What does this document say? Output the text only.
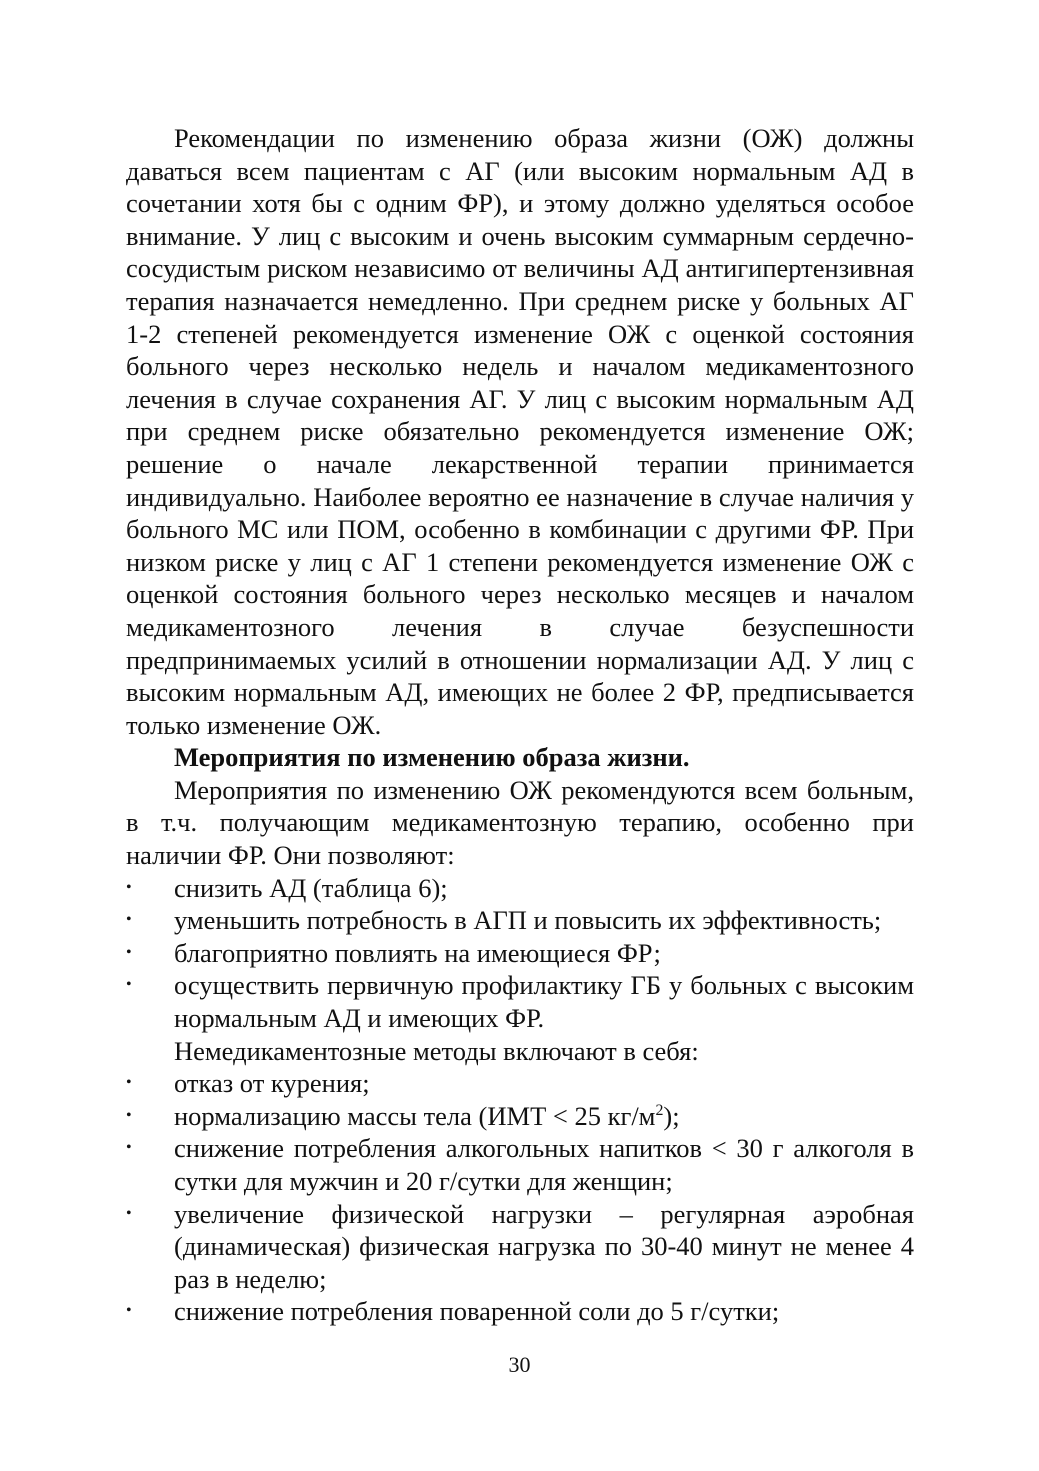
Рекомендации по изменению образа жизни (ОЖ) должны даваться всем пациентам с АГ (или высоким нормальным АД в сочетании хотя бы с одним ФР), и этому должно уделяться особое внимание. У лиц с высоким и очень высоким суммарным сердечно-сосудистым риском независимо от величины АД антигипертензивная терапия назначается немедленно. При среднем риске у больных АГ 1-2 степеней рекомендуется изменение ОЖ с оценкой состояния больного через несколько недель и началом медикаментозного лечения в случае сохранения АГ. У лиц с высоким нормальным АД при среднем риске обязательно рекомендуется изменение ОЖ; решение о начале лекарственной терапии принимается индивидуально. Наиболее вероятно ее назначение в случае наличия у больного МС или ПОМ, особенно в комбинации с другими ФР. При низком риске у лиц с АГ 1 степени рекомендуется изменение ОЖ с оценкой состояния больного через несколько месяцев и началом медикаментозного лечения в случае безуспешности предпринимаемых усилий в отношении нормализации АД. У лиц с высоким нормальным АД, имеющих не более 2 ФР, предписывается только изменение ОЖ.

Мероприятия по изменению образа жизни.

Мероприятия по изменению ОЖ рекомендуются всем больным, в т.ч. получающим медикаментозную терапию, особенно при наличии ФР. Они позволяют:

• снизить АД (таблица 6);
• уменьшить потребность в АГП и повысить их эффективность;
• благоприятно повлиять на имеющиеся ФР;
• осуществить первичную профилактику ГБ у больных с высоким нормальным АД и имеющих ФР.

Немедикаментозные методы включают в себя:

• отказ от курения;
• нормализацию массы тела (ИМТ < 25 $кг/м^2$);
• снижение потребления алкогольных напитков < 30 г алкоголя в сутки для мужчин и 20 г/сутки для женщин;
• увеличение физической нагрузки – регулярная аэробная (динамическая) физическая нагрузка по 30-40 минут не менее 4 раз в неделю;
• снижение потребления поваренной соли до 5 г/сутки;
30
